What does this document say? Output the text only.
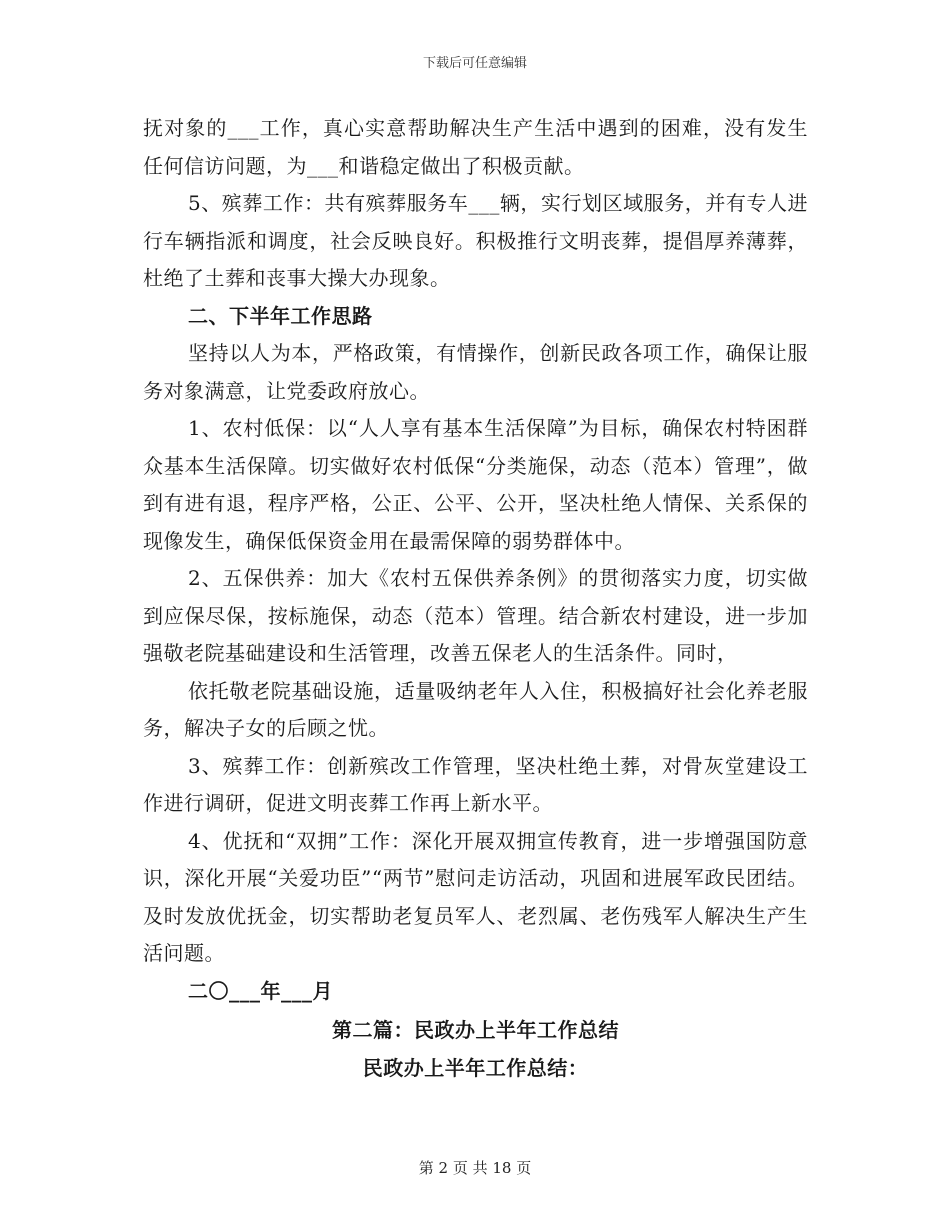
下载后可任意编辑

抚对象的___工作，真心实意帮助解决生产生活中遇到的困难，没有发生任何信访问题，为___和谐稳定做出了积极贡献。

5、殡葬工作：共有殡葬服务车___辆，实行划区域服务，并有专人进行车辆指派和调度，社会反映良好。积极推行文明丧葬，提倡厚养薄葬，杜绝了土葬和丧事大操大办现象。

二、下半年工作思路

坚持以人为本，严格政策，有情操作，创新民政各项工作，确保让服务对象满意，让党委政府放心。

1、农村低保：以“人人享有基本生活保障”为目标，确保农村特困群众基本生活保障。切实做好农村低保“分类施保，动态（范本）管理”，做到有进有退，程序严格，公正、公平、公开，坚决杜绝人情保、关系保的现像发生，确保低保资金用在最需保障的弱势群体中。

2、五保供养：加大《农村五保供养条例》的贯彻落实力度，切实做到应保尽保，按标施保，动态（范本）管理。结合新农村建设，进一步加强敬老院基础建设和生活管理，改善五保老人的生活条件。同时，

依托敬老院基础设施，适量吸纳老年人入住，积极搞好社会化养老服务，解决子女的后顾之忧。

3、殡葬工作：创新殡改工作管理，坚决杜绝土葬，对骨灰堂建设工作进行调研，促进文明丧葬工作再上新水平。

4、优抚和“双拥”工作：深化开展双拥宣传教育，进一步增强国防意识，深化开展“关爱功臣”“两节”慰问走访活动，巩固和进展军政民团结。及时发放优抚金，切实帮助老复员军人、老烈属、老伤残军人解决生产生活问题。

二〇___年___月

第二篇：民政办上半年工作总结

民政办上半年工作总结：

第 2 页 共 18 页
